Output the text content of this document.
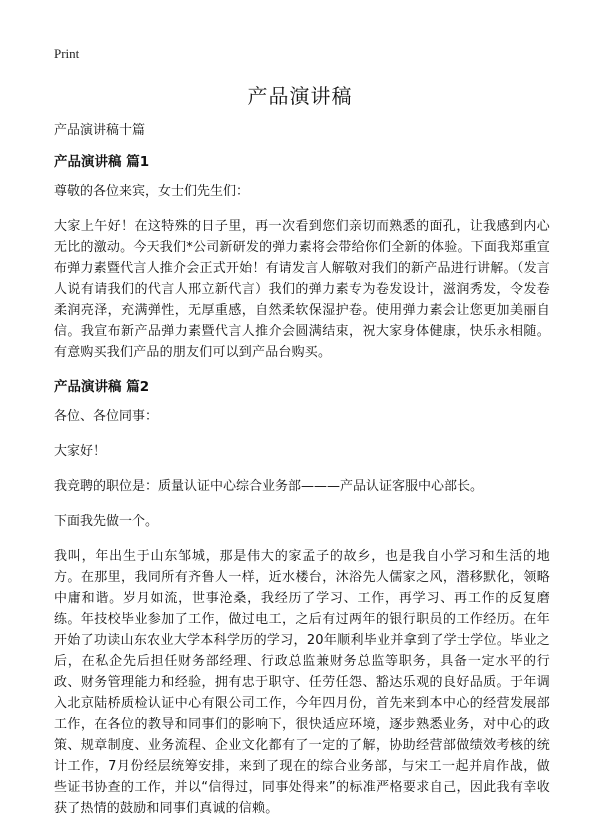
Print
产品演讲稿

产品演讲稿十篇

产品演讲稿 篇1

尊敬的各位来宾，女士们先生们：

大家上午好！在这特殊的日子里，再一次看到您们亲切而熟悉的面孔，让我感到内心无比的激动。今天我们*公司新研发的弹力素将会带给你们全新的体验。下面我郑重宣布弹力素暨代言人推介会正式开始！有请发言人解敬对我们的新产品进行讲解。（发言人说有请我们的代言人邢立新代言）我们的弹力素专为卷发设计，滋润秀发，令发卷柔润亮泽，充满弹性，无厚重感，自然柔软保湿护卷。使用弹力素会让您更加美丽自信。我宣布新产品弹力素暨代言人推介会圆满结束，祝大家身体健康，快乐永相随。有意购买我们产品的朋友们可以到产品台购买。

产品演讲稿 篇2

各位、各位同事：

大家好！

我竞聘的职位是：质量认证中心综合业务部———产品认证客服中心部长。

下面我先做一个。

我叫，年出生于山东邹城，那是伟大的家孟子的故乡，也是我自小学习和生活的地方。在那里，我同所有齐鲁人一样，近水楼台，沐浴先人儒家之风，潜移默化，领略中庸和谐。岁月如流，世事沧桑，我经历了学习、工作，再学习、再工作的反复磨练。年技校毕业参加了工作，做过电工，之后有过两年的银行职员的工作经历。在年开始了功读山东农业大学本科学历的学习，20年顺利毕业并拿到了学士学位。毕业之后，在私企先后担任财务部经理、行政总监兼财务总监等职务，具备一定水平的行政、财务管理能力和经验，拥有忠于职守、任劳任怨、豁达乐观的良好品质。于年调入北京陆桥质检认证中心有限公司工作，今年四月份，首先来到本中心的经营发展部工作，在各位的教导和同事们的影响下，很快适应环境，逐步熟悉业务，对中心的政策、规章制度、业务流程、企业文化都有了一定的了解，协助经营部做绩效考核的统计工作，7月份经层统筹安排，来到了现在的综合业务部，与宋工一起并肩作战，做些证书协查的工作，并以“信得过，同事处得来”的标准严格要求自己，因此我有幸收获了热情的鼓励和同事们真诚的信赖。
